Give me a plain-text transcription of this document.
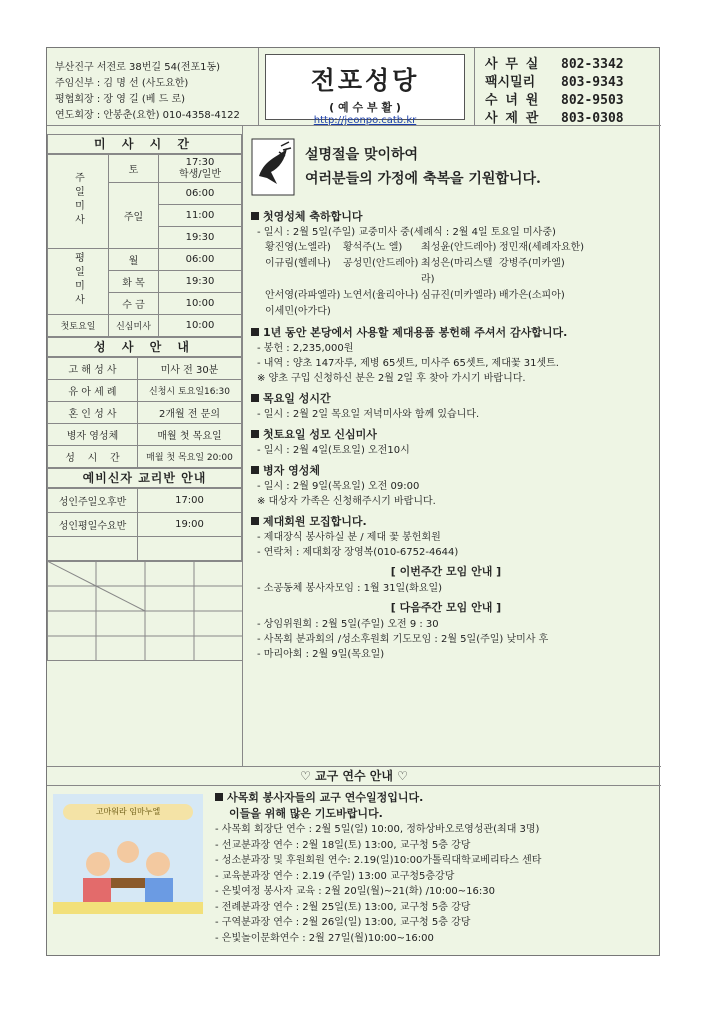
부산진구 서전로 38번길 54(전포1동)
주임신부 : 김 명 선 (사도요한)
평협회장 : 장 영 길 (베 드 로)
연도회장 : 안봉춘(요한) 010-4358-4122
전포성당
( 예 수 부 활 )
http://jeonpo.catb.kr
사 무 실	802-3342
팩시밀리	803-9343
수 녀 원	802-9503
사 제 관	803-0308
미 사 시 간
주일미사	토	17:30
학생/일반

	주일	06:00
		11:00
		19:30
평일미사	월	06:00
	화 목	19:30
	수 금	10:00
첫토요일	신심미사	10:00
성 사 안 내
고 해 성 사	미사 전 30분
유 아 세 례	신청시 토요일16:30
혼 인 성 사	2개월 전 문의
병자 영성체	매월 첫 목요일
성    시    간	매월 첫 목요일 20:00
예비신자 교리반 안내
성인주일오후반	17:00
성인평일수요반	19:00

설명절을 맞이하여
여러분들의 가정에 축복을 기원합니다.
첫영성체 축하합니다
- 일시 : 2월 5일(주일) 교중미사 중(세례식 : 2월 4일 토요일 미사중)
황진영(노엘라)	황석주(노 엘)	최성윤(안드레아) 정민재(세례자요한)
이규림(헬레나)	공성민(안드레아) 최성은(마리스텔라)
강병주(미카엘)
안서영(라파엘라) 노연서(율리아나) 심규진(미카엘라) 배가은(소피아)
이세민(아가다)
1년 동안 본당에서 사용할 제대용품 봉헌해 주셔서 감사합니다.
- 봉헌 : 2,235,000원
- 내역 : 양초 147자루, 제병 65셋트, 미사주 65셋트, 제대꽃 31셋트.
※ 양초 구입 신청하신 분은 2월 2일 후 찾아 가시기 바랍니다.
목요일 성시간
- 일시 : 2월 2일 목요일 저녁미사와 함께 있습니다.
첫토요일 성모 신심미사
- 일시 : 2월 4일(토요일) 오전10시
병자 영성체
- 일시 : 2월 9일(목요일) 오전 09:00
※ 대상자 가족은 신청해주시기 바랍니다.
제대회원 모집합니다.
- 제대장식 봉사하실 분 / 제대 꽃 봉헌회원
- 연락처 : 제대회장 장영복(010-6752-4644)
[ 이번주간 모임 안내 ]
- 소공동체 봉사자모임 : 1월 31일(화요일)
[ 다음주간 모임 안내 ]
- 상임위원회 : 2월 5일(주일) 오전 9 : 30
- 사목회 분과회의 /성소후원회 기도모임 : 2월 5일(주일) 낮미사 후
- 마리아회 : 2월 9일(목요일)
♡ 교구 연수 안내 ♡
고마워라 임마누엘
사목회 봉사자들의 교구 연수일정입니다.
이들을 위해 많은 기도바랍니다.
- 사목회 회장단 연수 : 2월 5일(일) 10:00, 정하상바오로영성관(최대 3명)
- 선교분과장 연수 : 2월 18일(토) 13:00, 교구청 5층 강당
- 성소분과장 및 후원회원 연수: 2.19(일)10:00가톨릭대학교베리타스 센타
- 교육분과장 연수 : 2.19 (주일) 13:00 교구청5층강당
- 은빛여정 봉사자 교육 : 2월 20일(월)~21(화) /10:00~16:30
- 전례분과장 연수 : 2월 25일(토) 13:00, 교구청 5층 강당
- 구역분과장 연수 : 2월 26일(일) 13:00, 교구청 5층 강당
- 은빛놀이문화연수 : 2월 27일(월)10:00~16:00
